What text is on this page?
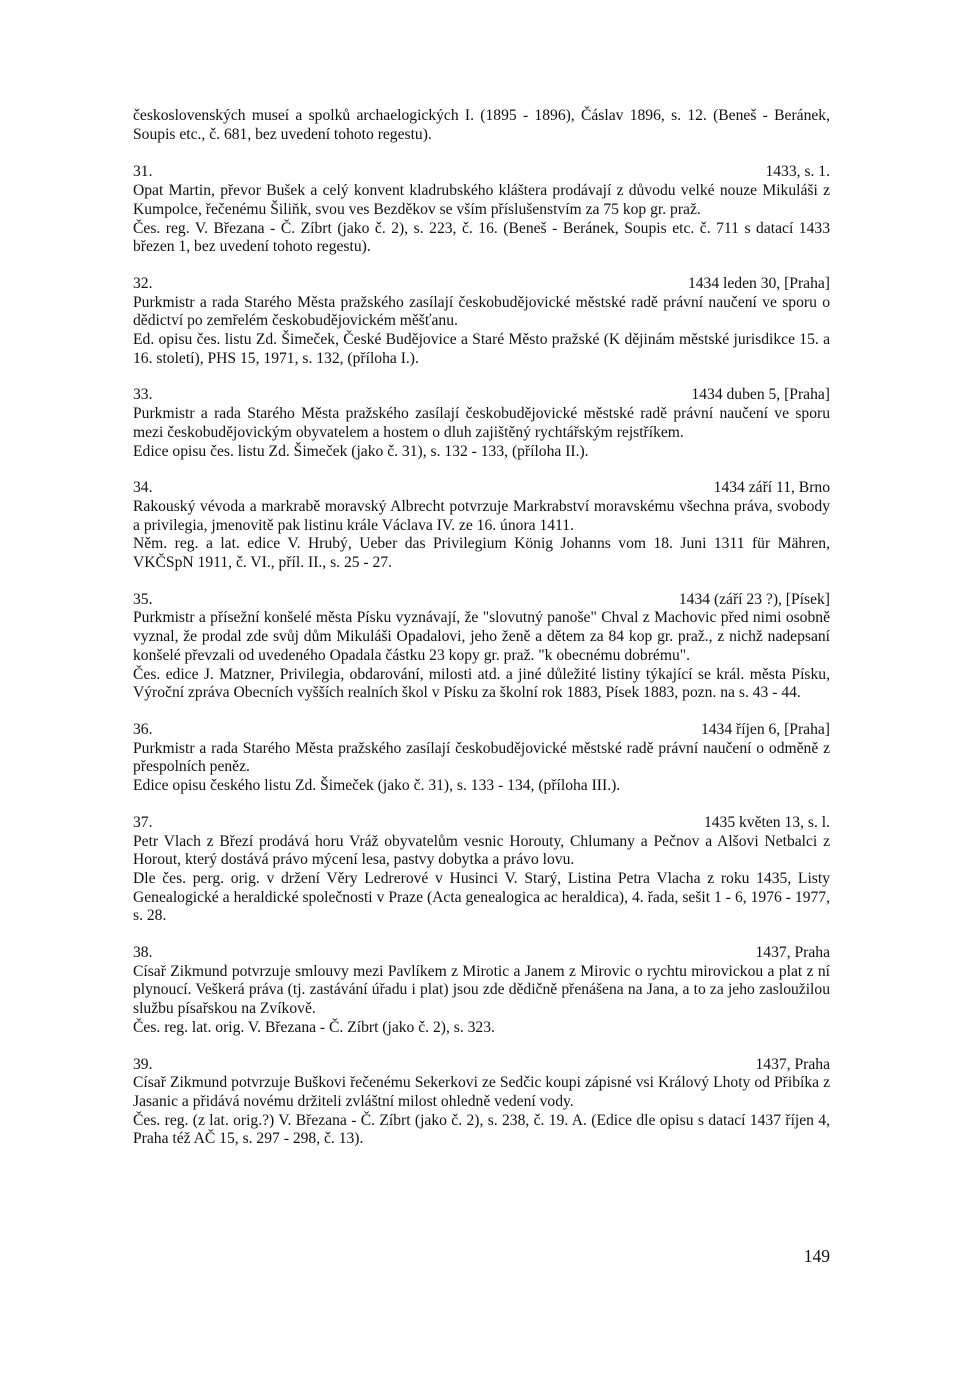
československých museí a spolků archaelogických I. (1895 - 1896), Čáslav 1896, s. 12. (Beneš - Beránek, Soupis etc., č. 681, bez uvedení tohoto regestu).

31.	1433, s. 1.

Opat Martin, převor Bušek a celý konvent kladrubského kláštera prodávají z důvodu velké nouze Mikuláši z Kumpolce, řečenému Šiliňk, svou ves Bezděkov se vším příslušenstvím za 75 kop gr. praž.

Čes. reg. V. Březana - Č. Zíbrt (jako č. 2), s. 223, č. 16. (Beneš - Beránek, Soupis etc. č. 711 s datací 1433 březen 1, bez uvedení tohoto regestu).

32.	1434 leden 30, [Praha]

Purkmistr a rada Starého Města pražského zasílají českobudějovické městské radě právní naučení ve sporu o dědictví po zemřelém českobudějovickém měšťanu.

Ed. opisu čes. listu Zd. Šimeček, České Budějovice a Staré Město pražské (K dějinám městské jurisdikce 15. a 16. století), PHS 15, 1971, s. 132, (příloha I.).

33.	1434 duben 5, [Praha]

Purkmistr a rada Starého Města pražského zasílají českobudějovické městské radě právní naučení ve sporu mezi českobudějovickým obyvatelem a hostem o dluh zajištěný rychtářským rejstříkem.

Edice opisu čes. listu Zd. Šimeček (jako č. 31), s. 132 - 133, (příloha II.).

34.	1434 září 11, Brno

Rakouský vévoda a markrabě moravský Albrecht potvrzuje Markrabství moravskému všechna práva, svobody a privilegia, jmenovitě pak listinu krále Václava IV. ze 16. února 1411.

Něm. reg. a lat. edice V. Hrubý, Ueber das Privilegium König Johanns vom 18. Juni 1311 für Mähren, VKČSpN 1911, č. VI., příl. II., s. 25 - 27.

35.	1434 (září 23 ?), [Písek]

Purkmistr a přísežní konšelé města Písku vyznávají, že "slovutný panoše" Chval z Machovic před nimi osobně vyznal, že prodal zde svůj dům Mikuláši Opadalovi, jeho ženě a dětem za 84 kop gr. praž., z nichž nadepsaní konšelé převzali od uvedeného Opadala částku 23 kopy gr. praž. "k obecnému dobrému".

Čes. edice J. Matzner, Privilegia, obdarování, milosti atd. a jiné důležité listiny týkající se král. města Písku, Výroční zpráva Obecních vyšších realních škol v Písku za školní rok 1883, Písek 1883, pozn. na s. 43 - 44.

36.	1434 říjen 6, [Praha]

Purkmistr a rada Starého Města pražského zasílají českobudějovické městské radě právní naučení o odměně z přespolních peněz.

Edice opisu českého listu Zd. Šimeček (jako č. 31), s. 133 - 134, (příloha III.).

37.	1435 květen 13, s. l.

Petr Vlach z Březí prodává horu Vráž obyvatelům vesnic Horouty, Chlumany a Pečnov a Alšovi Netbalci z Horout, který dostává právo mýcení lesa, pastvy dobytka a právo lovu.

Dle čes. perg. orig. v držení Věry Ledrerové v Husinci V. Starý, Listina Petra Vlacha z roku 1435, Listy Genealogické a heraldické společnosti v Praze (Acta genealogica ac heraldica), 4. řada, sešit 1 - 6, 1976 - 1977, s. 28.

38.	1437, Praha

Císař Zikmund potvrzuje smlouvy mezi Pavlíkem z Mirotic a Janem z Mirovic o rychtu mirovickou a plat z ní plynoucí. Veškerá práva (tj. zastávání úřadu i plat) jsou zde dědičně přenášena na Jana, a to za jeho zasloužilou službu písařskou na Zvíkově.

Čes. reg. lat. orig. V. Březana - Č. Zíbrt (jako č. 2), s. 323.

39.	1437, Praha

Císař Zikmund potvrzuje Buškovi řečenému Sekerkovi ze Sedčic koupi zápisné vsi Králový Lhoty od Přibíka z Jasanic a přidává novému držiteli zvláštní milost ohledně vedení vody.

Čes. reg. (z lat. orig.?) V. Březana - Č. Zíbrt (jako č. 2), s. 238, č. 19. A. (Edice dle opisu s datací 1437 říjen 4, Praha též AČ 15, s. 297 - 298, č. 13).

149
